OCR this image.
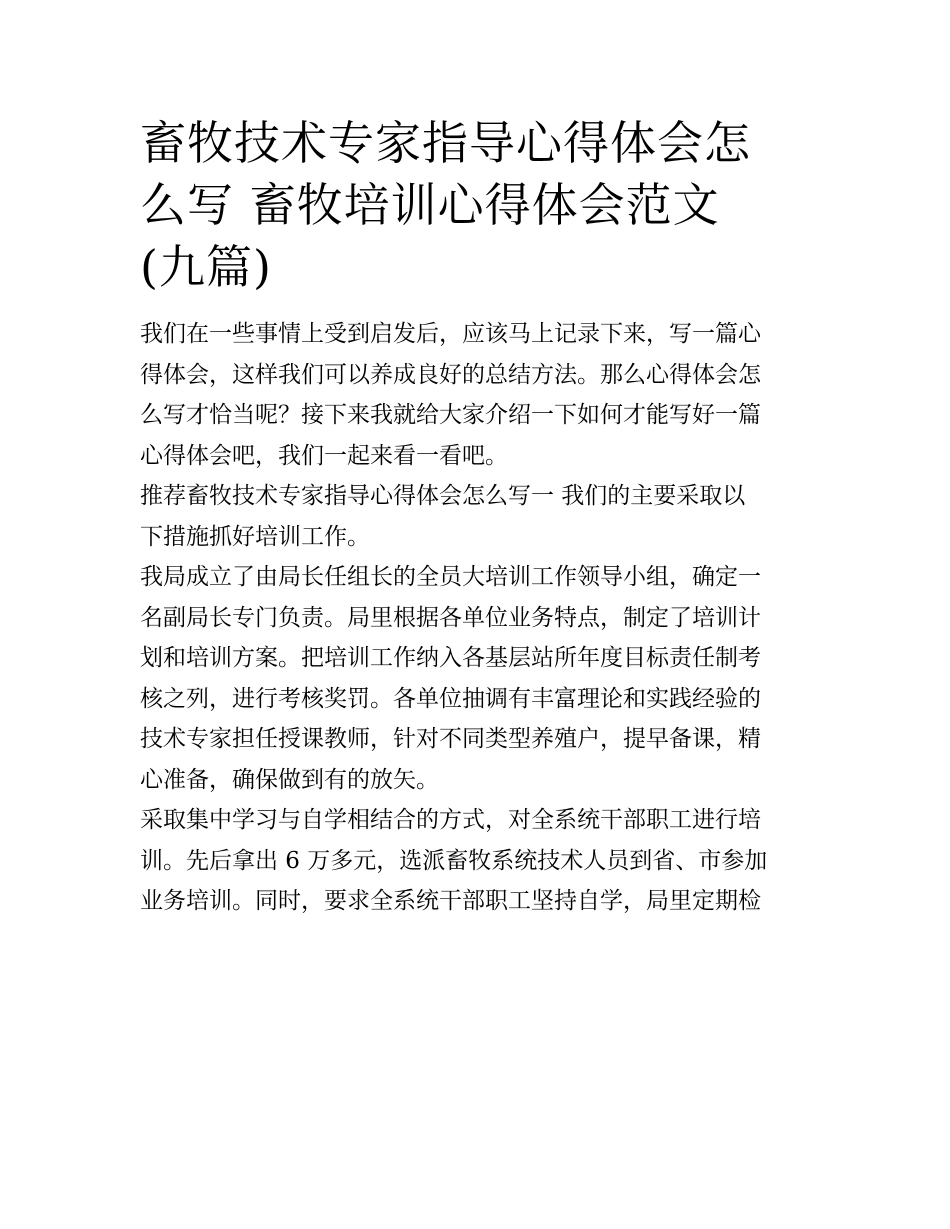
畜牧技术专家指导心得体会怎
么写 畜牧培训心得体会范文
(九篇)

我们在一些事情上受到启发后，应该马上记录下来，写一篇心
得体会，这样我们可以养成良好的总结方法。那么心得体会怎
么写才恰当呢？接下来我就给大家介绍一下如何才能写好一篇
心得体会吧，我们一起来看一看吧。

推荐畜牧技术专家指导心得体会怎么写一 我们的主要采取以
下措施抓好培训工作。

我局成立了由局长任组长的全员大培训工作领导小组，确定一
名副局长专门负责。局里根据各单位业务特点，制定了培训计
划和培训方案。把培训工作纳入各基层站所年度目标责任制考
核之列，进行考核奖罚。各单位抽调有丰富理论和实践经验的
技术专家担任授课教师，针对不同类型养殖户，提早备课，精
心准备，确保做到有的放矢。

采取集中学习与自学相结合的方式，对全系统干部职工进行培
训。先后拿出 6 万多元，选派畜牧系统技术人员到省、市参加
业务培训。同时，要求全系统干部职工坚持自学，局里定期检
